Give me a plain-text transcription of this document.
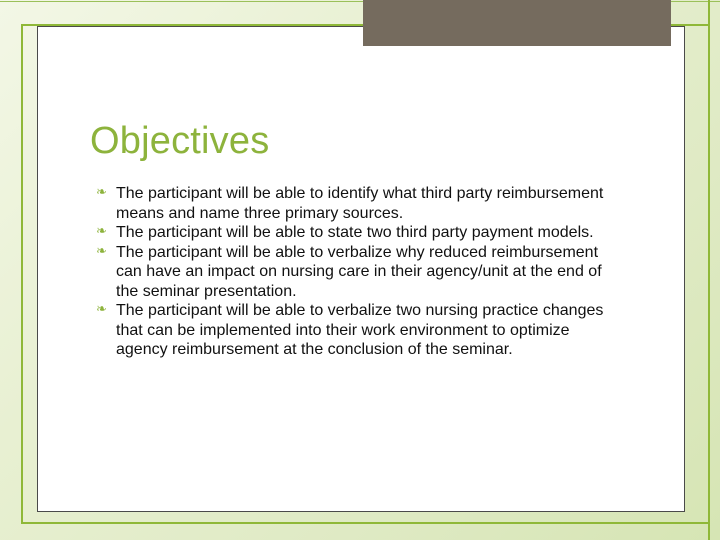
Objectives
❧ The participant will be able to identify what third party reimbursement means and name three primary sources.
❧ The participant will be able to state two third party payment models.
❧ The participant will be able to verbalize why reduced reimbursement can have an impact on nursing care in their agency/unit at the end of the seminar presentation.
❧ The participant will be able to verbalize two nursing practice changes that can be implemented into their work environment to optimize agency reimbursement at the conclusion of the seminar.
